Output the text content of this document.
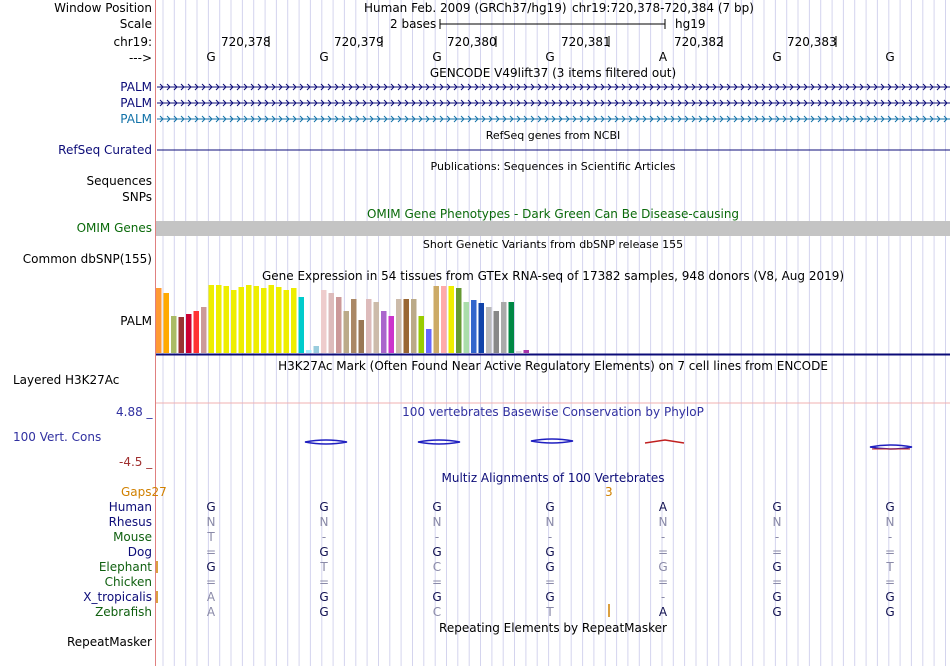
Window Position	Human Feb. 2009 (GRCh37/hg19) chr19:720,378-720,384 (7 bp)
Scale	2 bases	hg19
chr19:
--->
720,378	720,379	720,380	720,381	720,382	720,383
G	G	G	G	A	G	G
GENCODE V49lift37 (3 items filtered out)
PALM
PALM
PALM
RefSeq genes from NCBI
RefSeq Curated
Publications: Sequences in Scientific Articles
Sequences
SNPs
OMIM Gene Phenotypes - Dark Green Can Be Disease-causing
OMIM Genes
Short Genetic Variants from dbSNP release 155
Common dbSNP(155)
Gene Expression in 54 tissues from GTEx RNA-seq of 17382 samples, 948 donors (V8, Aug 2019)
PALM
H3K27Ac Mark (Often Found Near Active Regulatory Elements) on 7 cell lines from ENCODE
Layered H3K27Ac
4.88 _	100 vertebrates Basewise Conservation by PhyloP
100 Vert. Cons
-4.5 _
Multiz Alignments of 100 Vertebrates
Gaps27	3
Human	G	G	G	G	A	G	G
Rhesus	N	N	N	N	N	N	N
Mouse	T	-	-	-	-	-	-
Dog	=	G	G	G	=	=	=
Elephant	G	T	C	G	G	G	T
Chicken	=	=	=	=	=	=	=
X_tropicalis	A	G	G	G	-	G	G
Zebrafish	A	G	C	T	A	G	G
Repeating Elements by RepeatMasker
RepeatMasker
